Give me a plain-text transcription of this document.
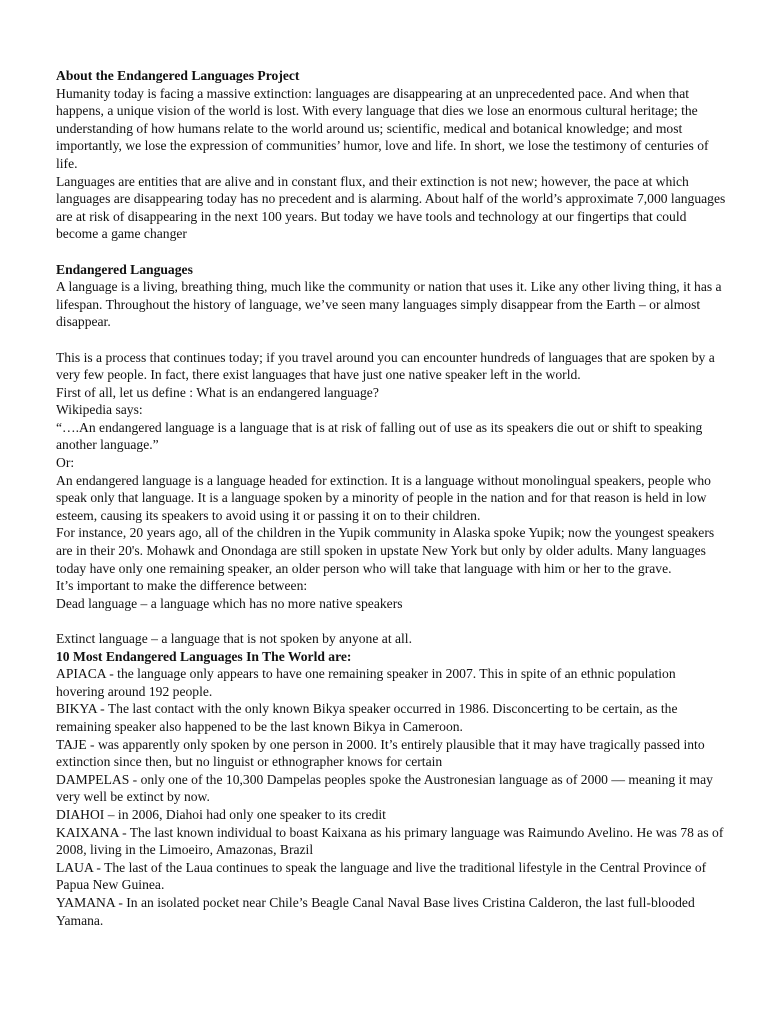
About the Endangered Languages Project

Humanity today is facing a massive extinction: languages are disappearing at an unprecedented pace. And when that happens, a unique vision of the world is lost. With every language that dies we lose an enormous cultural heritage; the understanding of how humans relate to the world around us; scientific, medical and botanical knowledge; and most importantly, we lose the expression of communities’ humor, love and life. In short, we lose the testimony of centuries of life.

Languages are entities that are alive and in constant flux, and their extinction is not new; however, the pace at which languages are disappearing today has no precedent and is alarming. About half of the world’s approximate 7,000 languages are at risk of disappearing in the next 100 years. But today we have tools and technology at our fingertips that could become a game changer

Endangered Languages

A language is a living, breathing thing, much like the community or nation that uses it. Like any other living thing, it has a lifespan. Throughout the history of language, we’ve seen many languages simply disappear from the Earth – or almost disappear.

This is a process that continues today; if you travel around you can encounter hundreds of languages that are spoken by a very few people. In fact, there exist languages that have just one native speaker left in the world.

First of all, let us define : What is an endangered language?

Wikipedia says:

“….An endangered language is a language that is at risk of falling out of use as its speakers die out or shift to speaking another language.”

Or:

An endangered language is a language headed for extinction. It is a language without monolingual speakers, people who speak only that language. It is a language spoken by a minority of people in the nation and for that reason is held in low esteem, causing its speakers to avoid using it or passing it on to their children.

For instance, 20 years ago, all of the children in the Yupik community in Alaska spoke Yupik; now the youngest speakers are in their 20's. Mohawk and Onondaga are still spoken in upstate New York but only by older adults. Many languages today have only one remaining speaker, an older person who will take that language with him or her to the grave.

It’s important to make the difference between:

Dead language – a language which has no more native speakers

Extinct language – a language that is not spoken by anyone at all.

10 Most Endangered Languages In The World are:

APIACA - the language only appears to have one remaining speaker in 2007. This in spite of an ethnic population hovering around 192 people.

BIKYA - The last contact with the only known Bikya speaker occurred in 1986. Disconcerting to be certain, as the remaining speaker also happened to be the last known Bikya in Cameroon.

TAJE - was apparently only spoken by one person in 2000. It’s entirely plausible that it may have tragically passed into extinction since then, but no linguist or ethnographer knows for certain

DAMPELAS - only one of the 10,300 Dampelas peoples spoke the Austronesian language as of 2000 — meaning it may very well be extinct by now.

DIAHOI – in 2006, Diahoi had only one speaker to its credit

KAIXANA - The last known individual to boast Kaixana as his primary language was Raimundo Avelino. He was 78 as of 2008, living in the Limoeiro, Amazonas, Brazil

LAUA - The last of the Laua continues to speak the language and live the traditional lifestyle in the Central Province of Papua New Guinea.

YAMANA - In an isolated pocket near Chile’s Beagle Canal Naval Base lives Cristina Calderon, the last full-blooded Yamana.
